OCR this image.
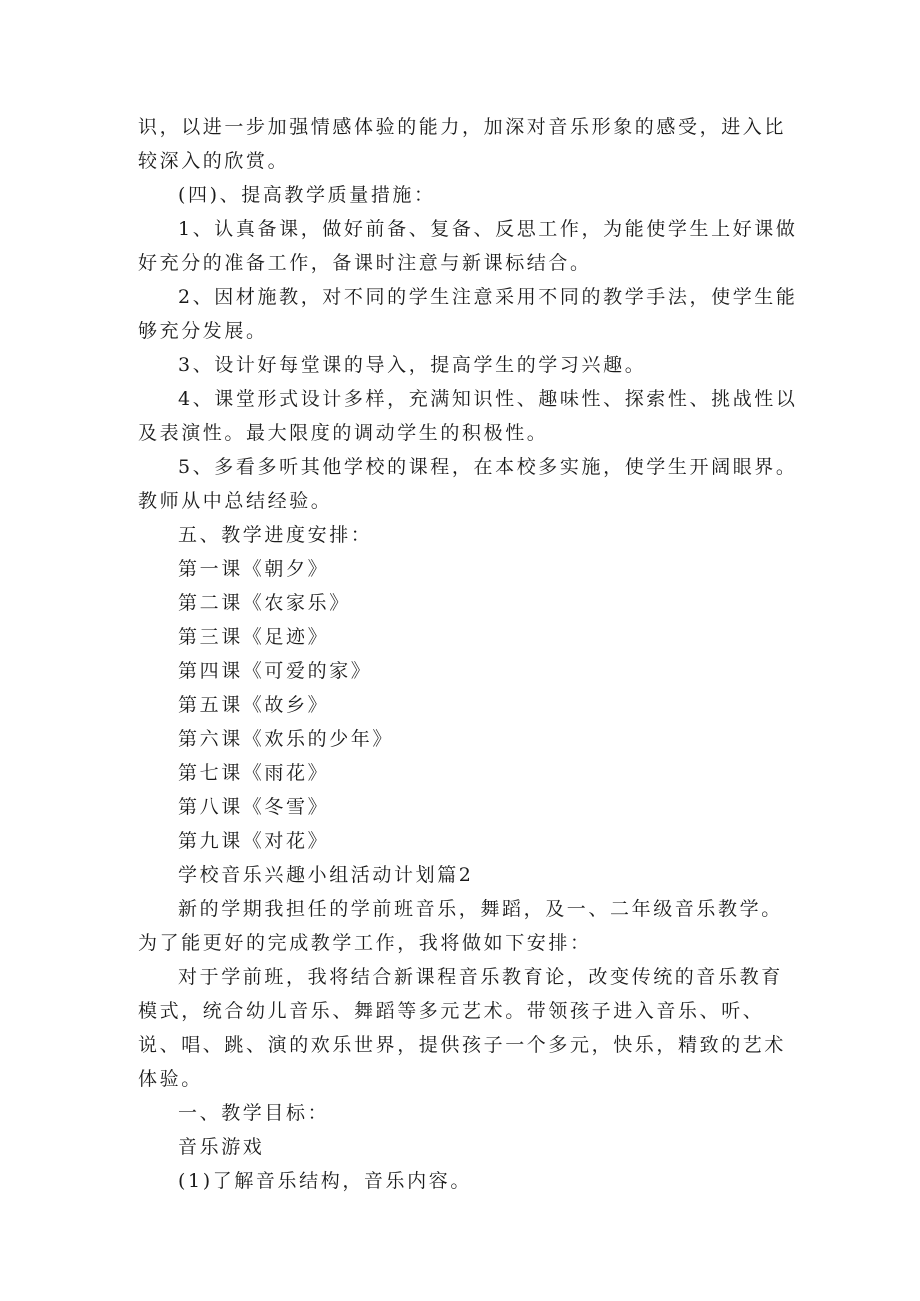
识，以进一步加强情感体验的能力，加深对音乐形象的感受，进入比较深入的欣赏。

(四)、提高教学质量措施：

1、认真备课，做好前备、复备、反思工作，为能使学生上好课做好充分的准备工作，备课时注意与新课标结合。

2、因材施教，对不同的学生注意采用不同的教学手法，使学生能够充分发展。

3、设计好每堂课的导入，提高学生的学习兴趣。

4、课堂形式设计多样，充满知识性、趣味性、探索性、挑战性以及表演性。最大限度的调动学生的积极性。

5、多看多听其他学校的课程，在本校多实施，使学生开阔眼界。教师从中总结经验。

五、教学进度安排：

第一课《朝夕》

第二课《农家乐》

第三课《足迹》

第四课《可爱的家》

第五课《故乡》

第六课《欢乐的少年》

第七课《雨花》

第八课《冬雪》

第九课《对花》

学校音乐兴趣小组活动计划篇2

新的学期我担任的学前班音乐，舞蹈，及一、二年级音乐教学。为了能更好的完成教学工作，我将做如下安排：

对于学前班，我将结合新课程音乐教育论，改变传统的音乐教育模式，统合幼儿音乐、舞蹈等多元艺术。带领孩子进入音乐、听、说、唱、跳、演的欢乐世界，提供孩子一个多元，快乐，精致的艺术体验。

一、教学目标：

音乐游戏

(1)了解音乐结构，音乐内容。
